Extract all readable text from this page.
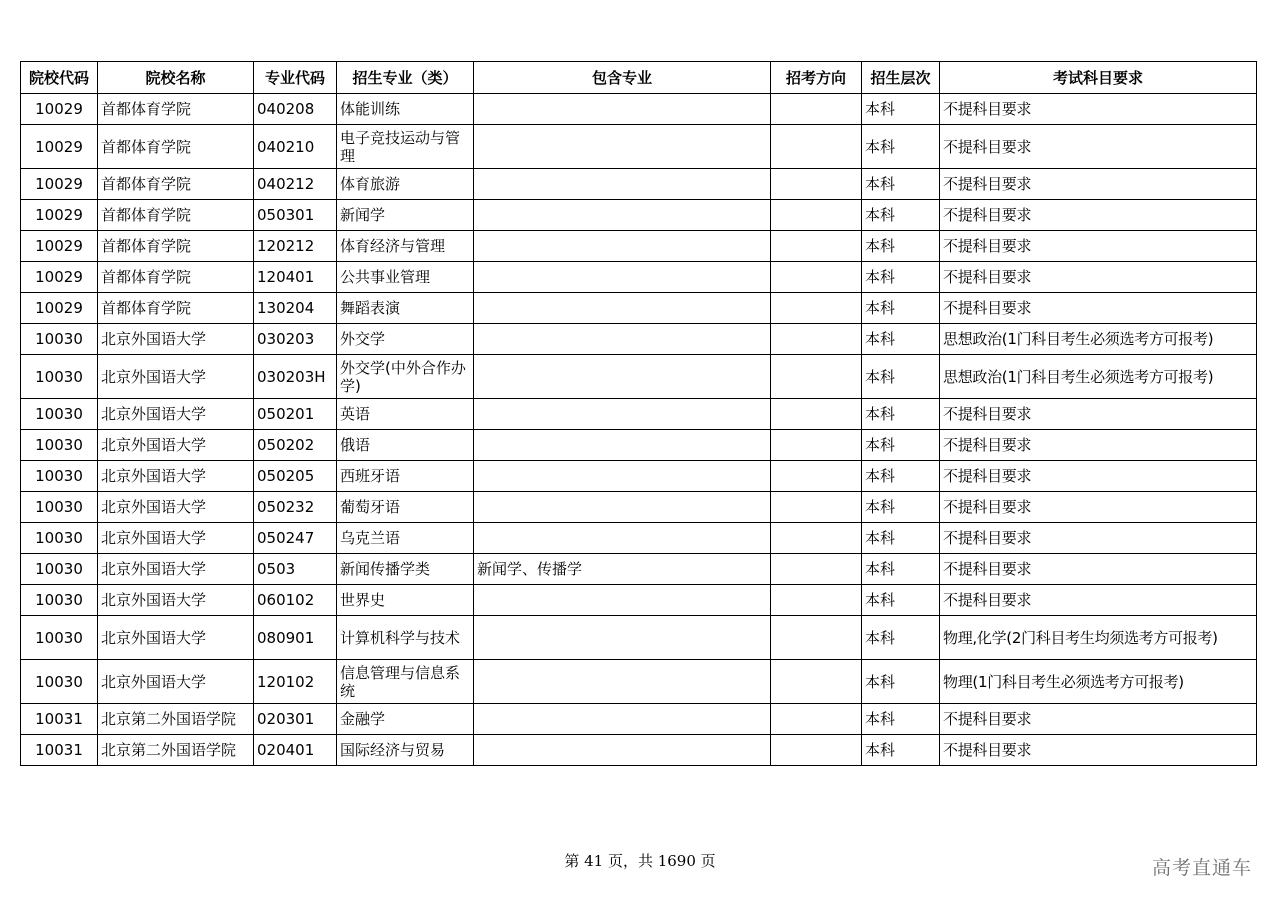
院校代码	院校名称	专业代码	招生专业（类）	包含专业	招考方向	招生层次	考试科目要求
10029	首都体育学院	040208	体能训练			本科	不提科目要求
10029	首都体育学院	040210	电子竞技运动与管理			本科	不提科目要求
10029	首都体育学院	040212	体育旅游			本科	不提科目要求
10029	首都体育学院	050301	新闻学			本科	不提科目要求
10029	首都体育学院	120212	体育经济与管理			本科	不提科目要求
10029	首都体育学院	120401	公共事业管理			本科	不提科目要求
10029	首都体育学院	130204	舞蹈表演			本科	不提科目要求
10030	北京外国语大学	030203	外交学			本科	思想政治(1门科目考生必须选考方可报考)
10030	北京外国语大学	030203H	外交学(中外合作办学)			本科	思想政治(1门科目考生必须选考方可报考)
10030	北京外国语大学	050201	英语			本科	不提科目要求
10030	北京外国语大学	050202	俄语			本科	不提科目要求
10030	北京外国语大学	050205	西班牙语			本科	不提科目要求
10030	北京外国语大学	050232	葡萄牙语			本科	不提科目要求
10030	北京外国语大学	050247	乌克兰语			本科	不提科目要求
10030	北京外国语大学	0503	新闻传播学类	新闻学、传播学		本科	不提科目要求
10030	北京外国语大学	060102	世界史			本科	不提科目要求
10030	北京外国语大学	080901	计算机科学与技术			本科	物理,化学(2门科目考生均须选考方可报考)
10030	北京外国语大学	120102	信息管理与信息系统			本科	物理(1门科目考生必须选考方可报考)
10031	北京第二外国语学院	020301	金融学			本科	不提科目要求
10031	北京第二外国语学院	020401	国际经济与贸易			本科	不提科目要求
第 41 页，共 1690 页	高考直通车
